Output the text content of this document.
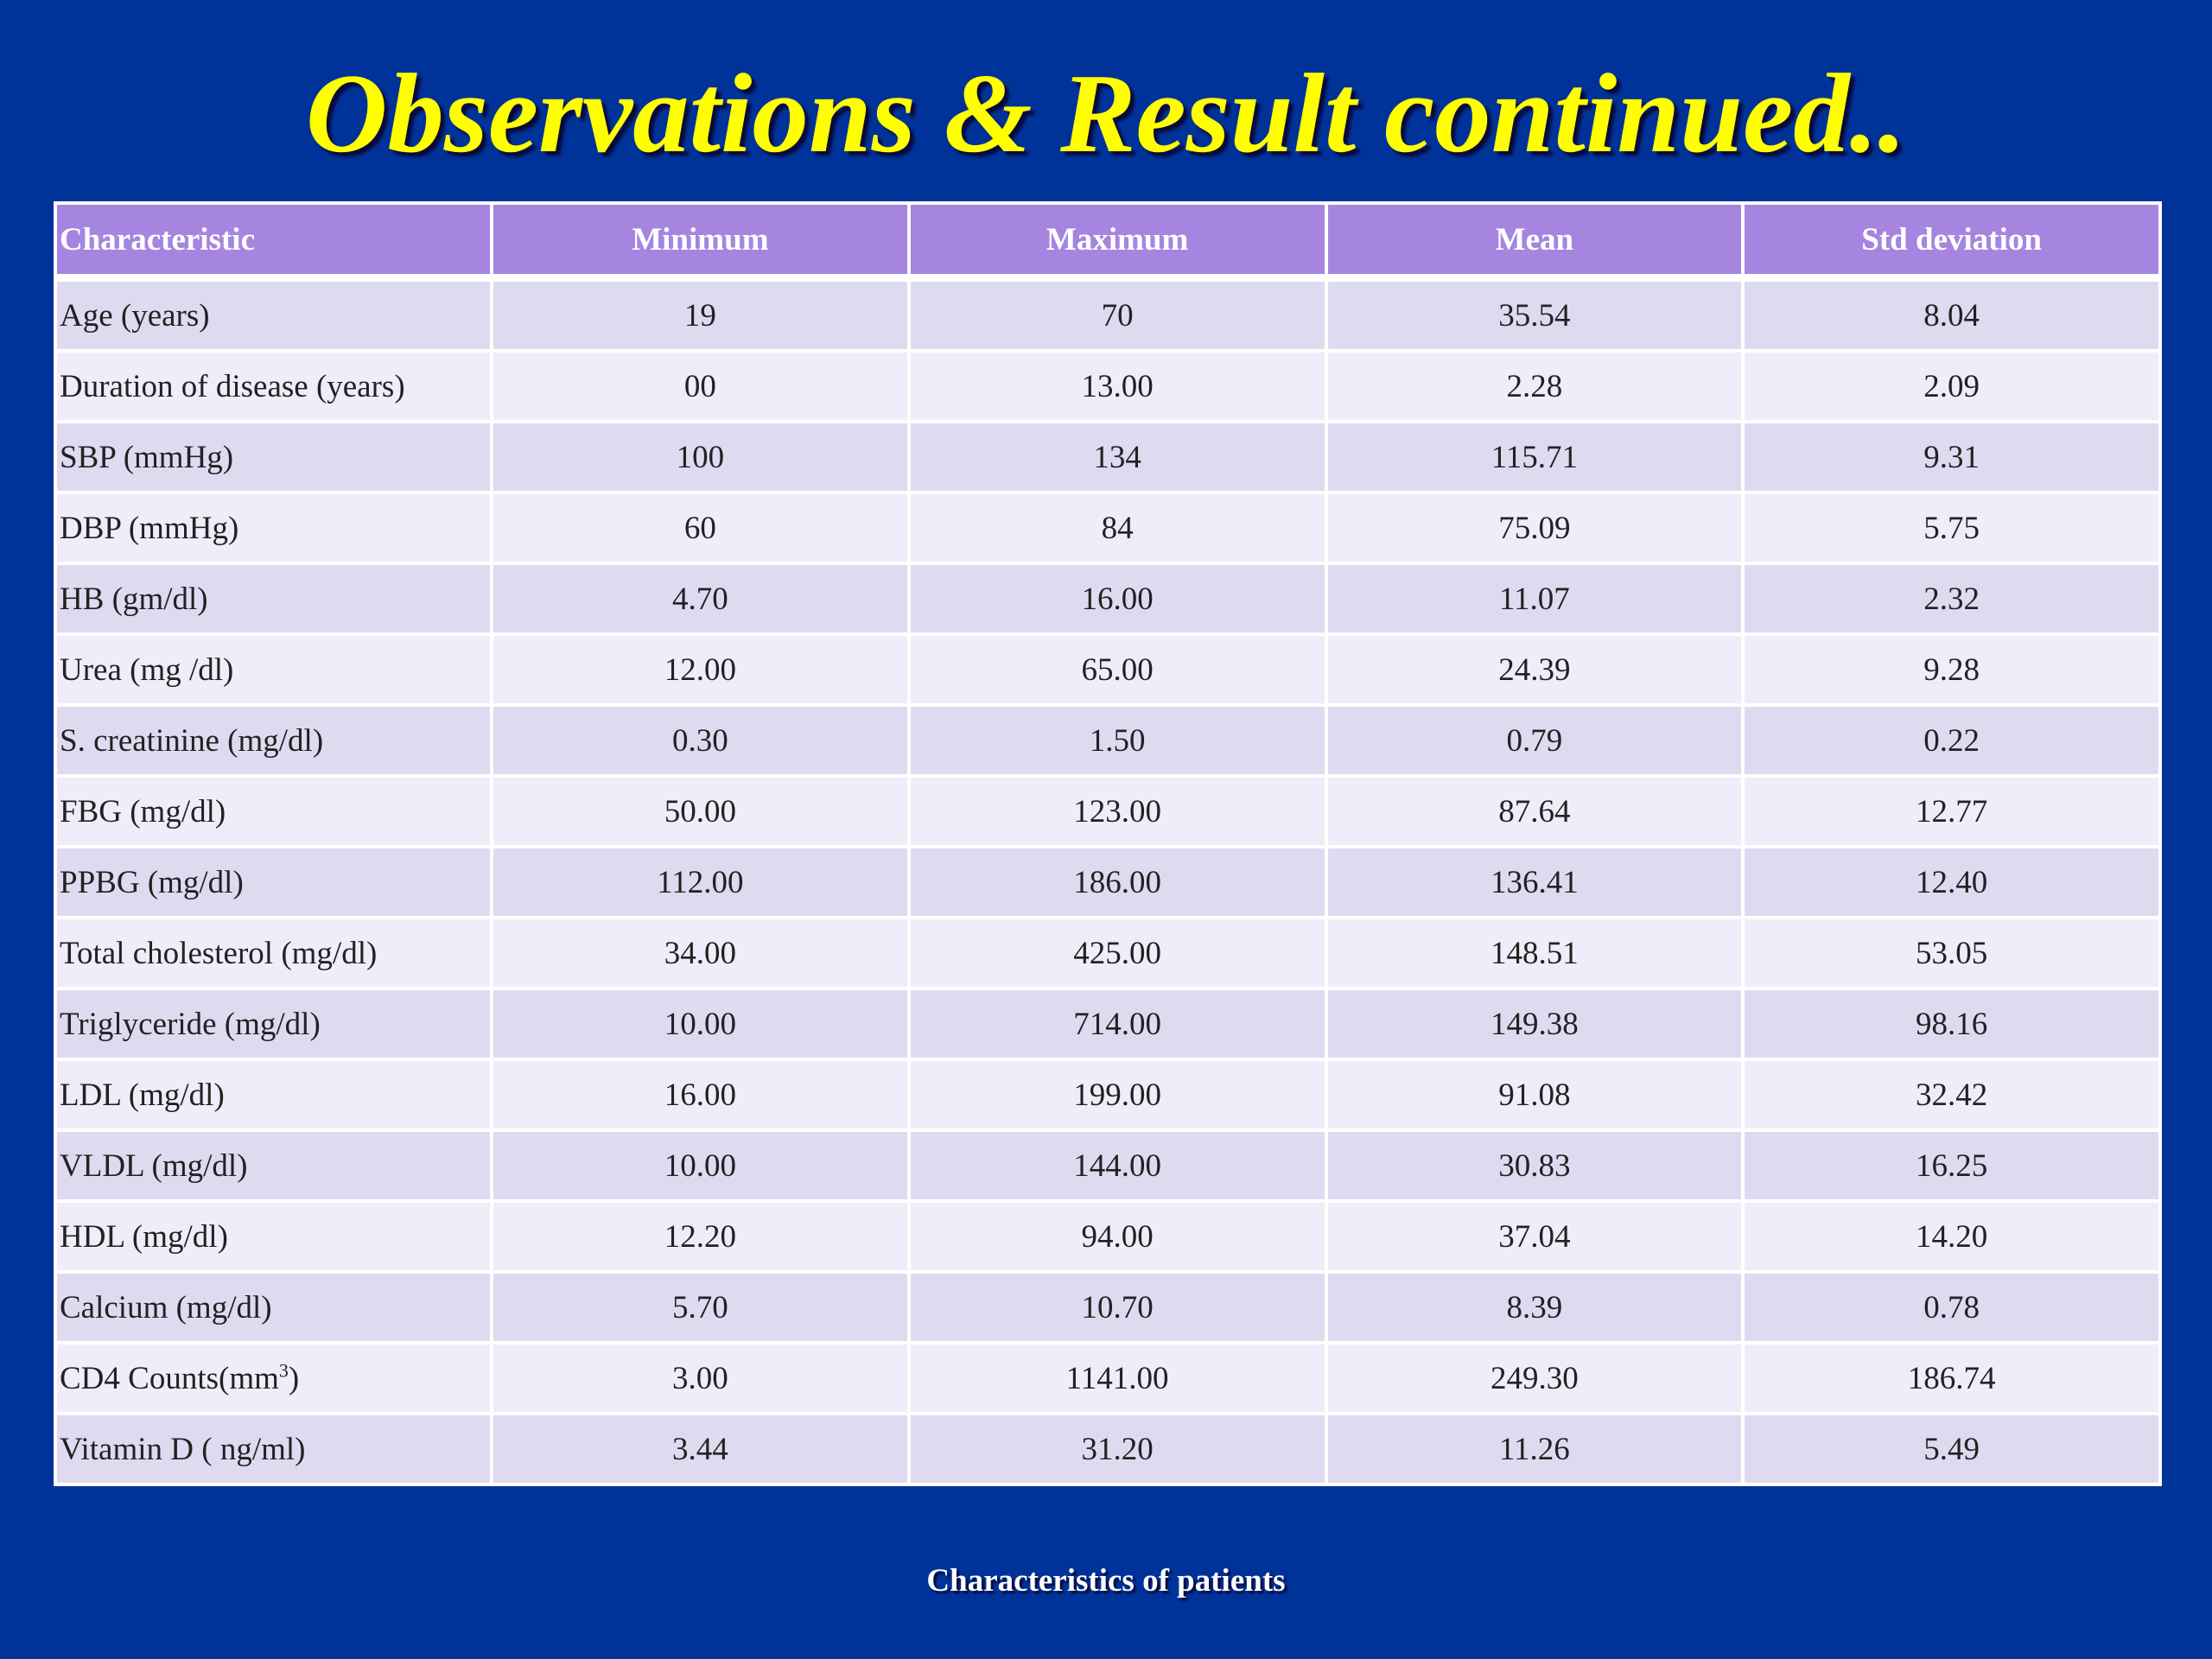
Observations & Result continued..
Characteristic	Minimum	Maximum	Mean	Std deviation
Age (years)	19	70	35.54	8.04
Duration of disease (years)	00	13.00	2.28	2.09
SBP (mmHg)	100	134	115.71	9.31
DBP (mmHg)	60	84	75.09	5.75
HB (gm/dl)	4.70	16.00	11.07	2.32
Urea (mg /dl)	12.00	65.00	24.39	9.28
S. creatinine (mg/dl)	0.30	1.50	0.79	0.22
FBG (mg/dl)	50.00	123.00	87.64	12.77
PPBG (mg/dl)	112.00	186.00	136.41	12.40
Total cholesterol (mg/dl)	34.00	425.00	148.51	53.05
Triglyceride (mg/dl)	10.00	714.00	149.38	98.16
LDL (mg/dl)	16.00	199.00	91.08	32.42
VLDL (mg/dl)	10.00	144.00	30.83	16.25
HDL (mg/dl)	12.20	94.00	37.04	14.20
Calcium (mg/dl)	5.70	10.70	8.39	0.78
CD4 $Counts(mm^3)$	3.00	1141.00	249.30	186.74
Vitamin D ( ng/ml)	3.44	31.20	11.26	5.49
Characteristics of patients
